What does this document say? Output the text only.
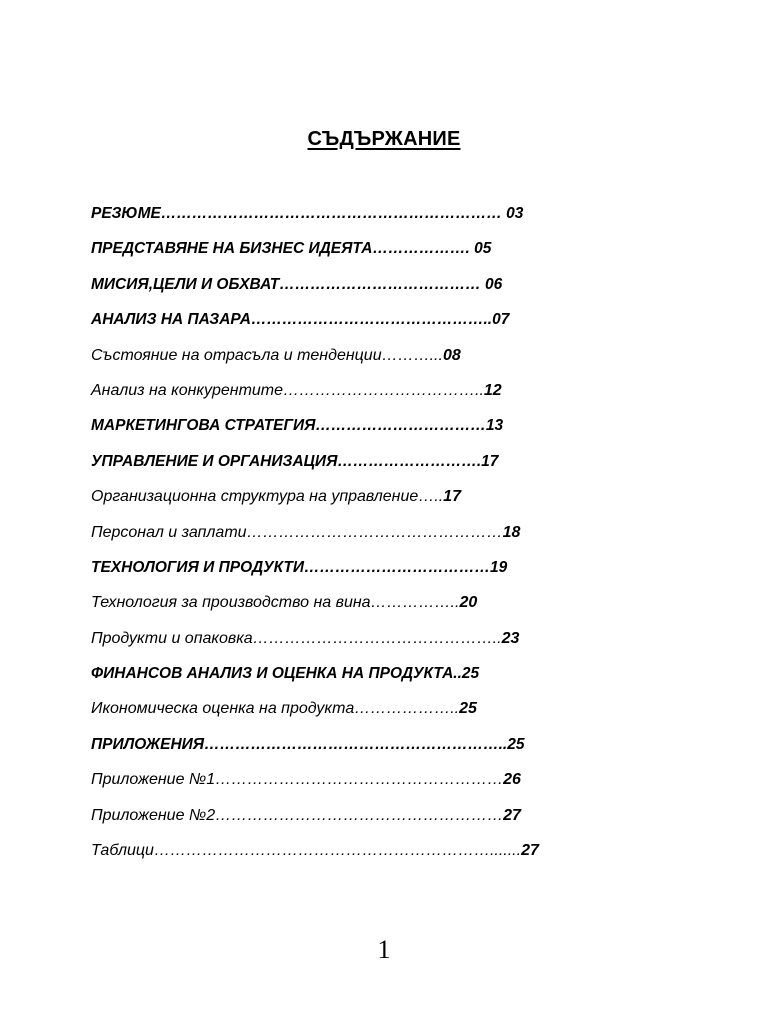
СЪДЪРЖАНИЕ
РЕЗЮМЕ………………………………………………………… 03
ПРЕДСТАВЯНЕ НА БИЗНЕС ИДЕЯТА………………. 05
МИСИЯ,ЦЕЛИ И ОБХВАТ………………………………… 06
АНАЛИЗ НА ПАЗАРА………………………………………..07
Състояние на отрасъла и тенденции………...08
Анализ на конкурентите………………………………..12
МАРКЕТИНГОВА СТРАТЕГИЯ……………………………13
УПРАВЛЕНИЕ И ОРГАНИЗАЦИЯ……………………….17
Организационна структура на управление…..17
Персонал и заплати…………………………………………18
ТЕХНОЛОГИЯ И ПРОДУКТИ………………………………19
Технология за производство на вина……………..20
Продукти и опаковка………………………………………..23
ФИНАНСОВ АНАЛИЗ И ОЦЕНКА НА ПРОДУКТА..25
Икономическа оценка на продукта………………..25
ПРИЛОЖЕНИЯ…………………………………………………..25
Приложение №1………………………………………………26
Приложение №2………………………………………………27
Таблици……………………………………………………….......27
1
